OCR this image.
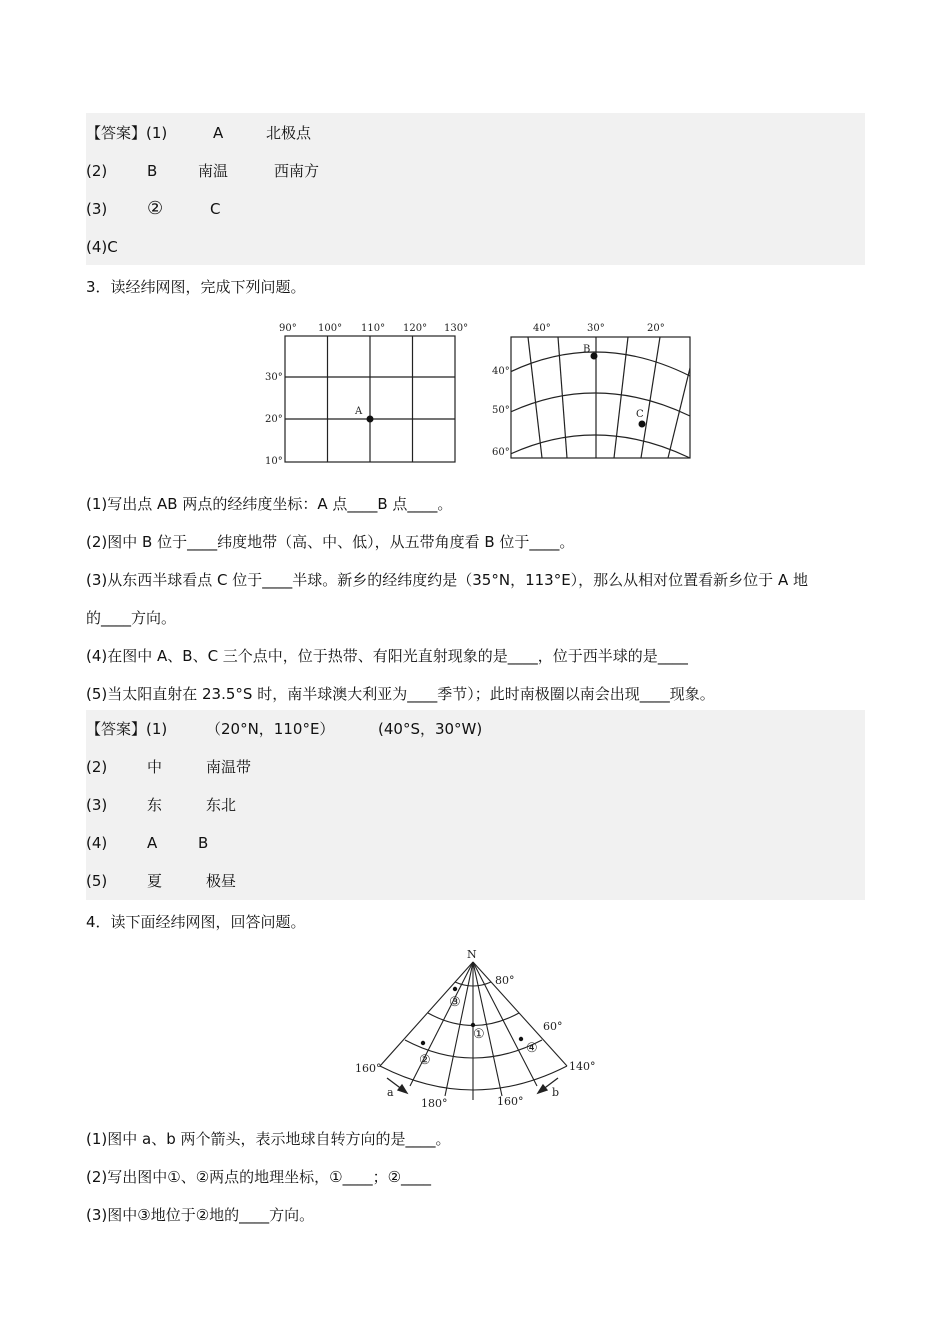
【答案】(1)	A	北极点
(2)	B	南温	西南方
(3) ②	C
(4)C
3．读经纬网图，完成下列问题。
90° 100° 110° 120° 130°
30°
20°
10°
A
40°	30°	20°
40°
50°
60°
B
C
(1)写出点 AB 两点的经纬度坐标：A 点____B 点____。
(2)图中 B 位于____纬度地带（高、中、低），从五带角度看 B 位于____。
(3)从东西半球看点 C 位于____半球。新乡的经纬度约是（35°N，113°E），那么从相对位置看新乡位于 A 地
的____方向。
(4)在图中 A、B、C 三个点中，位于热带、有阳光直射现象的是____，位于西半球的是____
(5)当太阳直射在 23.5°S 时，南半球澳大利亚为____季节）；此时南极圈以南会出现____现象。
【答案】(1)	（20°N，110°E）	(40°S，30°W)
(2)	中	南温带
(3)	东	东北
(4)	A	B
(5)	夏	极昼
4．读下面经纬网图，回答问题。
N
80°
60°
160°	140°
180°	160°
a	b
①
②
③
④
(1)图中 a、b 两个箭头，表示地球自转方向的是____。
(2)写出图中①、②两点的地理坐标，①____；②____
(3)图中③地位于②地的____方向。
